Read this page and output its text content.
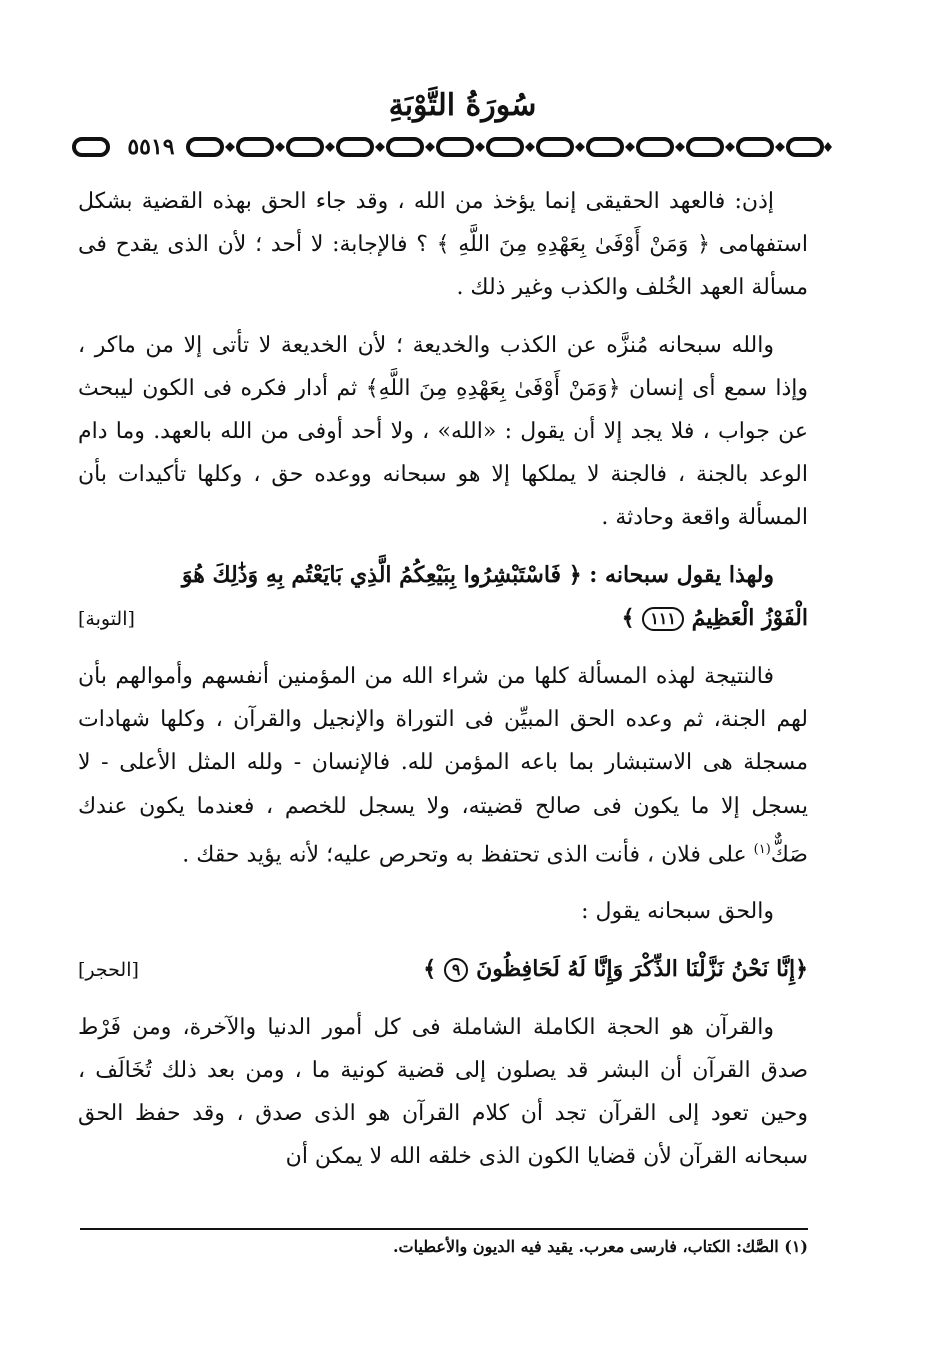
سُورَةُ التَّوْبَةِ
٥٥١٩

إذن: فالعهد الحقيقى إنما يؤخذ من الله ، وقد جاء الحق بهذه القضية بشكل استفهامى ﴿ وَمَنْ أَوْفَىٰ بِعَهْدِهِ مِنَ اللَّهِ ﴾ ؟ فالإجابة: لا أحد ؛ لأن الذى يقدح فى مسألة العهد الخُلف والكذب وغير ذلك .

والله سبحانه مُنزَّه عن الكذب والخديعة ؛ لأن الخديعة لا تأتى إلا من ماكر ، وإذا سمع أى إنسان ﴿وَمَنْ أَوْفَىٰ بِعَهْدِهِ مِنَ اللَّهِ﴾ ثم أدار فكره فى الكون ليبحث عن جواب ، فلا يجد إلا أن يقول : «الله» ، ولا أحد أوفى من الله بالعهد. وما دام الوعد بالجنة ، فالجنة لا يملكها إلا هو سبحانه ووعده حق ، وكلها تأكيدات بأن المسألة واقعة وحادثة .

ولهذا يقول سبحانه : ﴿ فَاسْتَبْشِرُوا بِبَيْعِكُمُ الَّذِي بَايَعْتُم بِهِ وَذَٰلِكَ هُوَ

الْفَوْزُ الْعَظِيمُ ١١١ ﴾
[التوبة]

فالنتيجة لهذه المسألة كلها من شراء الله من المؤمنين أنفسهم وأموالهم بأن لهم الجنة، ثم وعده الحق المبيِّن فى التوراة والإنجيل والقرآن ، وكلها شهادات مسجلة هى الاستبشار بما باعه المؤمن لله. فالإنسان - ولله المثل الأعلى - لا يسجل إلا ما يكون فى صالح قضيته، ولا يسجل للخصم ، فعندما يكون عندك صَكٌّ$^{(١)}$ على فلان ، فأنت الذى تحتفظ به وتحرص عليه؛ لأنه يؤيد حقك .

والحق سبحانه يقول :

﴿إِنَّا نَحْنُ نَزَّلْنَا الذِّكْرَ وَإِنَّا لَهُ لَحَافِظُونَ ٩ ﴾
[الحجر]

والقرآن هو الحجة الكاملة الشاملة فى كل أمور الدنيا والآخرة، ومن فَرْط صدق القرآن أن البشر قد يصلون إلى قضية كونية ما ، ومن بعد ذلك تُخَالَف ، وحين تعود إلى القرآن تجد أن كلام القرآن هو الذى صدق ، وقد حفظ الحق سبحانه القرآن لأن قضايا الكون الذى خلقه الله لا يمكن أن

(١) الصَّك: الكتاب، فارسى معرب. يقيد فيه الديون والأعطيات.
